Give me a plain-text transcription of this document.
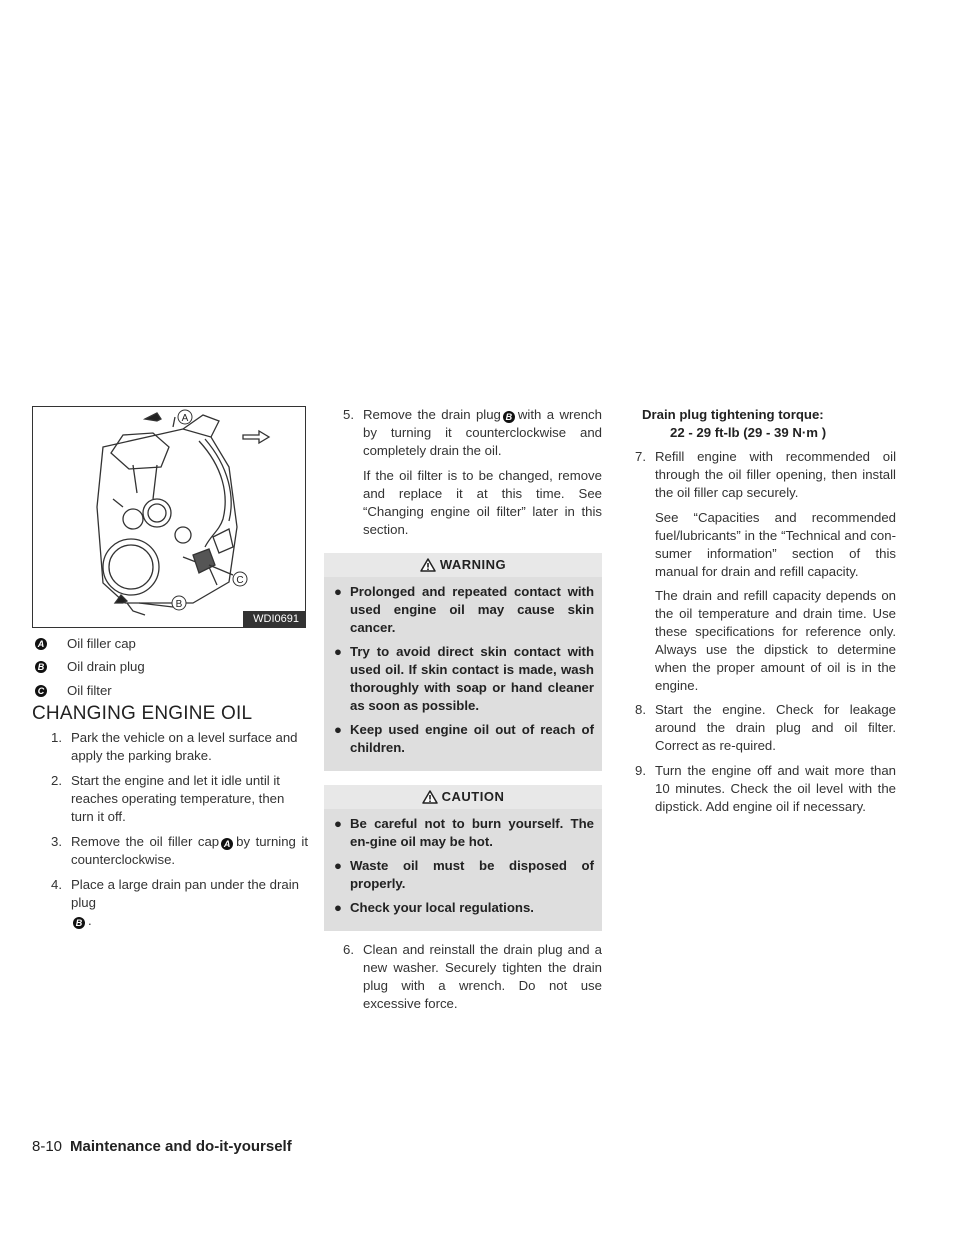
A
C
B
WDI0691
A Oil filler cap
B Oil drain plug
C Oil filter
CHANGING ENGINE OIL
1. Park the vehicle on a level surface and apply the parking brake.
2. Start the engine and let it idle until it reaches operating temperature, then turn it off.
3. Remove the oil filler cap A by turning it counterclockwise.
4. Place a large drain pan under the drain plug
B .
5. Remove the drain plug B with a wrench by turning it counterclockwise and completely drain the oil.
If the oil filter is to be changed, remove and replace it at this time. See “Changing engine oil filter” later in this section.
WARNING
● Prolonged and repeated contact with used engine oil may cause skin cancer.
● Try to avoid direct skin contact with used oil. If skin contact is made, wash thoroughly with soap or hand cleaner as soon as possible.
● Keep used engine oil out of reach of children.
CAUTION
● Be careful not to burn yourself. The en-gine oil may be hot.
● Waste oil must be disposed of properly.
● Check your local regulations.
6. Clean and reinstall the drain plug and a new washer. Securely tighten the drain plug with a wrench. Do not use excessive force.
Drain plug tightening torque:
22 - 29 ft-lb (29 - 39 N·m )
7. Refill engine with recommended oil through the oil filler opening, then install the oil filler cap securely.
See “Capacities and recommended fuel/lubricants” in the “Technical and con-sumer information” section of this manual for drain and refill capacity.
The drain and refill capacity depends on the oil temperature and drain time. Use these specifications for reference only. Always use the dipstick to determine when the proper amount of oil is in the engine.
8. Start the engine. Check for leakage around the drain plug and oil filter. Correct as re-quired.
9. Turn the engine off and wait more than 10 minutes. Check the oil level with the dipstick. Add engine oil if necessary.
8-10 Maintenance and do-it-yourself
